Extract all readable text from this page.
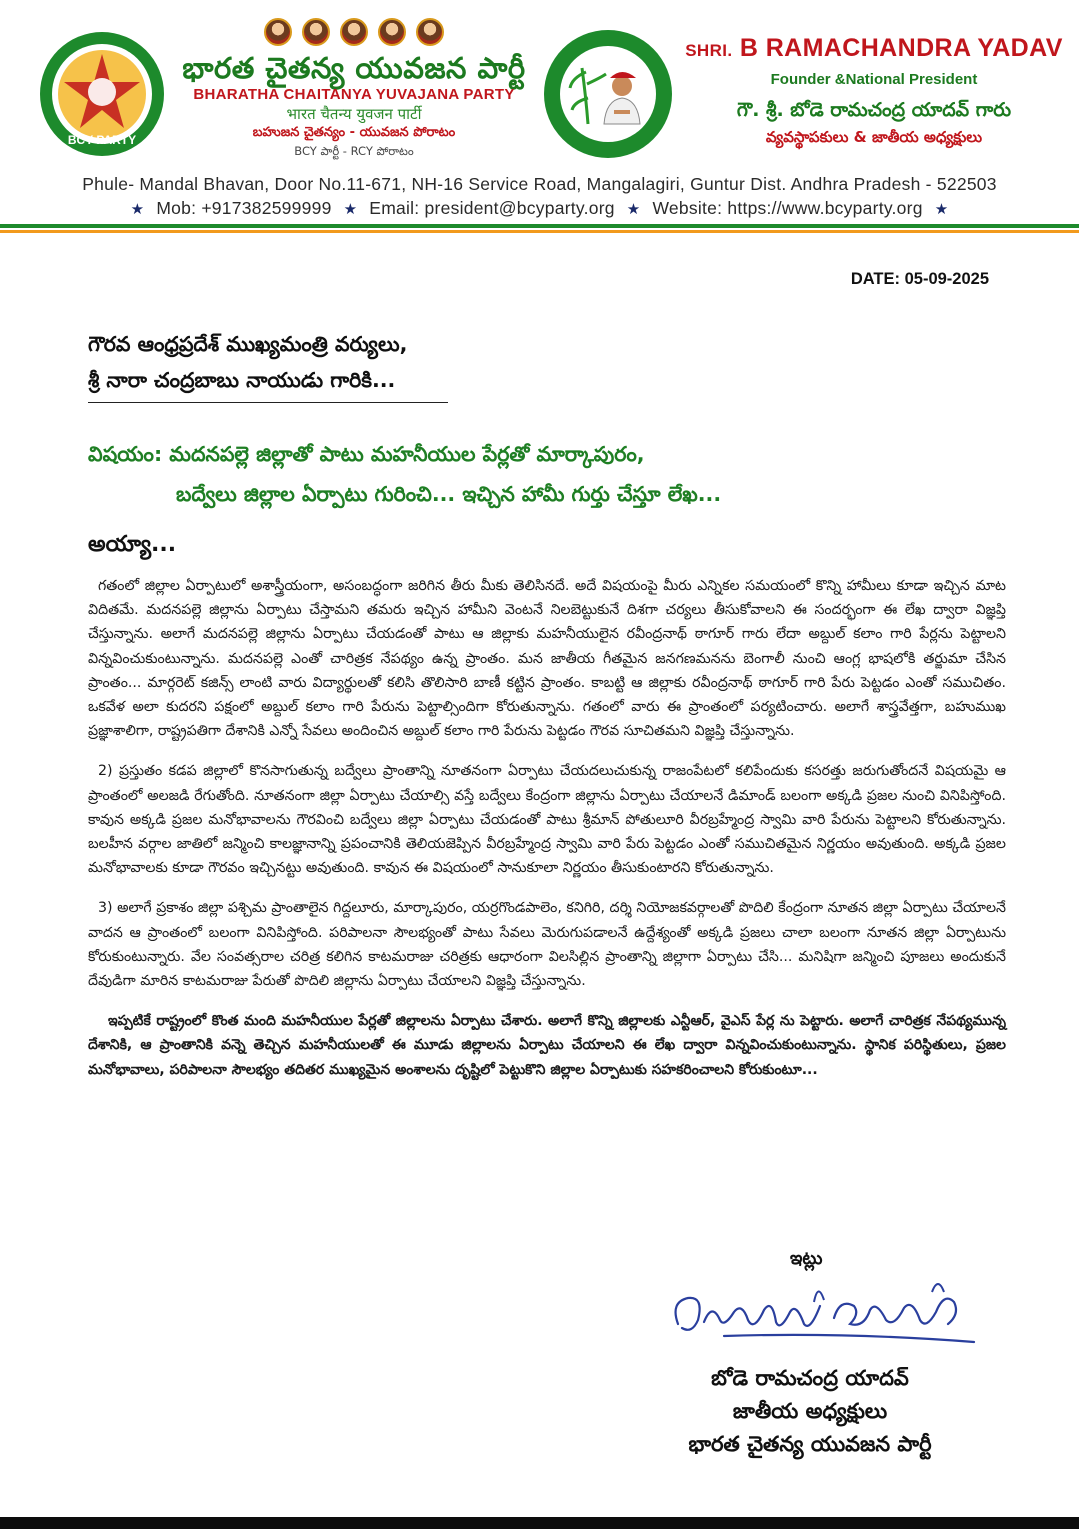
BCY PARTY
భారత చైతన్య యువజన పార్టీ
BHARATHA CHAITANYA YUVAJANA PARTY
भारत चैतन्य युवजन पार्टी
బహుజన చైతన్యం - యువజన పోరాటం
BCY పార్టీ - RCY పోరాటం
SHRI. B RAMACHANDRA YADAV
Founder &National President
గౌ. శ్రీ. బోడె రామచంద్ర యాదవ్ గారు
వ్యవస్థాపకులు & జాతీయ అధ్యక్షులు
Phule- Mandal Bhavan, Door No.11-671, NH-16 Service Road, Mangalagiri, Guntur Dist. Andhra Pradesh - 522503
★ Mob: +917382599999 ★ Email: president@bcyparty.org ★ Website: https://www.bcyparty.org ★
DATE: 05-09-2025
గౌరవ ఆంధ్రప్రదేశ్ ముఖ్యమంత్రి వర్యులు,
శ్రీ నారా చంద్రబాబు నాయుడు గారికి...
విషయం: మదనపల్లె జిల్లాతో పాటు మహనీయుల పేర్లతో మార్కాపురం,
బద్వేలు జిల్లాల ఏర్పాటు గురించి... ఇచ్చిన హామీ గుర్తు చేస్తూ లేఖ...
అయ్యా...

గతంలో జిల్లాల ఏర్పాటులో అశాస్త్రీయంగా, అసంబద్ధంగా జరిగిన తీరు మీకు తెలిసినదే. అదే విషయంపై మీరు ఎన్నికల సమయంలో కొన్ని హామీలు కూడా ఇచ్చిన మాట విదితమే. మదనపల్లె జిల్లాను ఏర్పాటు చేస్తామని తమరు ఇచ్చిన హామీని వెంటనే నిలబెట్టుకునే దిశగా చర్యలు తీసుకోవాలని ఈ సందర్భంగా ఈ లేఖ ద్వారా విజ్ఞప్తి చేస్తున్నాను. అలాగే మదనపల్లె జిల్లాను ఏర్పాటు చేయడంతో పాటు ఆ జిల్లాకు మహనీయులైన రవీంద్రనాథ్ ఠాగూర్ గారు లేదా అబ్దుల్ కలాం గారి పేర్లను పెట్టాలని విన్నవించుకుంటున్నాను. మదనపల్లె ఎంతో చారిత్రక నేపథ్యం ఉన్న ప్రాంతం. మన జాతీయ గీతమైన జనగణమనను బెంగాలీ నుంచి ఆంగ్ల భాషలోకి తర్జుమా చేసిన ప్రాంతం... మార్గరెట్ కజిన్స్ లాంటి వారు విద్యార్థులతో కలిసి తొలిసారి బాణీ కట్టిన ప్రాంతం. కాబట్టి ఆ జిల్లాకు రవీంద్రనాథ్ ఠాగూర్ గారి పేరు పెట్టడం ఎంతో సముచితం. ఒకవేళ అలా కుదరని పక్షంలో అబ్దుల్ కలాం గారి పేరును పెట్టాల్సిందిగా కోరుతున్నాను. గతంలో వారు ఈ ప్రాంతంలో పర్యటించారు. అలాగే శాస్త్రవేత్తగా, బహుముఖ ప్రజ్ఞాశాలిగా, రాష్ట్రపతిగా దేశానికి ఎన్నో సేవలు అందించిన అబ్దుల్ కలాం గారి పేరును పెట్టడం గౌరవ సూచితమని విజ్ఞప్తి చేస్తున్నాను.

2) ప్రస్తుతం కడప జిల్లాలో కొనసాగుతున్న బద్వేలు ప్రాంతాన్ని నూతనంగా ఏర్పాటు చేయదలుచుకున్న రాజంపేటలో కలిపేందుకు కసరత్తు జరుగుతోందనే విషయమై ఆ ప్రాంతంలో అలజడి రేగుతోంది. నూతనంగా జిల్లా ఏర్పాటు చేయాల్సి వస్తే బద్వేలు కేంద్రంగా జిల్లాను ఏర్పాటు చేయాలనే డిమాండ్ బలంగా అక్కడి ప్రజల నుంచి వినిపిస్తోంది. కావున అక్కడి ప్రజల మనోభావాలను గౌరవించి బద్వేలు జిల్లా ఏర్పాటు చేయడంతో పాటు శ్రీమాన్ పోతులూరి వీరబ్రహ్మేంద్ర స్వామి వారి పేరును పెట్టాలని కోరుతున్నాను. బలహీన వర్గాల జాతిలో జన్మించి కాలజ్ఞానాన్ని ప్రపంచానికి తెలియజెప్పిన వీరబ్రహ్మేంద్ర స్వామి వారి పేరు పెట్టడం ఎంతో సముచితమైన నిర్ణయం అవుతుంది. అక్కడి ప్రజల మనోభావాలకు కూడా గౌరవం ఇచ్చినట్టు అవుతుంది. కావున ఈ విషయంలో సానుకూలా నిర్ణయం తీసుకుంటారని కోరుతున్నాను.

3) అలాగే ప్రకాశం జిల్లా పశ్చిమ ప్రాంతాలైన గిద్దలూరు, మార్కాపురం, యర్రగొండపాలెం, కనిగిరి, దర్శి నియోజకవర్గాలతో పొదిలి కేంద్రంగా నూతన జిల్లా ఏర్పాటు చేయాలనే వాదన ఆ ప్రాంతంలో బలంగా వినిపిస్తోంది. పరిపాలనా సౌలభ్యంతో పాటు సేవలు మెరుగుపడాలనే ఉద్దేశ్యంతో అక్కడి ప్రజలు చాలా బలంగా నూతన జిల్లా ఏర్పాటును కోరుకుంటున్నారు. వేల సంవత్సరాల చరిత్ర కలిగిన కాటమరాజు చరిత్రకు ఆధారంగా విలసిల్లిన ప్రాంతాన్ని జిల్లాగా ఏర్పాటు చేసి... మనిషిగా జన్మించి పూజలు అందుకునే దేవుడిగా మారిన కాటమరాజు పేరుతో పొదిలి జిల్లాను ఏర్పాటు చేయాలని విజ్ఞప్తి చేస్తున్నాను.

ఇప్పటికే రాష్ట్రంలో కొంత మంది మహనీయుల పేర్లతో జిల్లాలను ఏర్పాటు చేశారు. అలాగే కొన్ని జిల్లాలకు ఎన్టీఆర్, వైఎస్ పేర్ల ను పెట్టారు. అలాగే చారిత్రక నేపథ్యమున్న దేశానికి, ఆ ప్రాంతానికి వన్నె తెచ్చిన మహనీయులతో ఈ మూడు జిల్లాలను ఏర్పాటు చేయాలని ఈ లేఖ ద్వారా విన్నవించుకుంటున్నాను. స్థానిక పరిస్థితులు, ప్రజల మనోభావాలు, పరిపాలనా సౌలభ్యం తదితర ముఖ్యమైన అంశాలను దృష్టిలో పెట్టుకొని జిల్లాల ఏర్పాటుకు సహకరించాలని కోరుకుంటూ...

ఇట్లు
బోడె రామచంద్ర యాదవ్
జాతీయ అధ్యక్షులు
భారత చైతన్య యువజన పార్టీ
